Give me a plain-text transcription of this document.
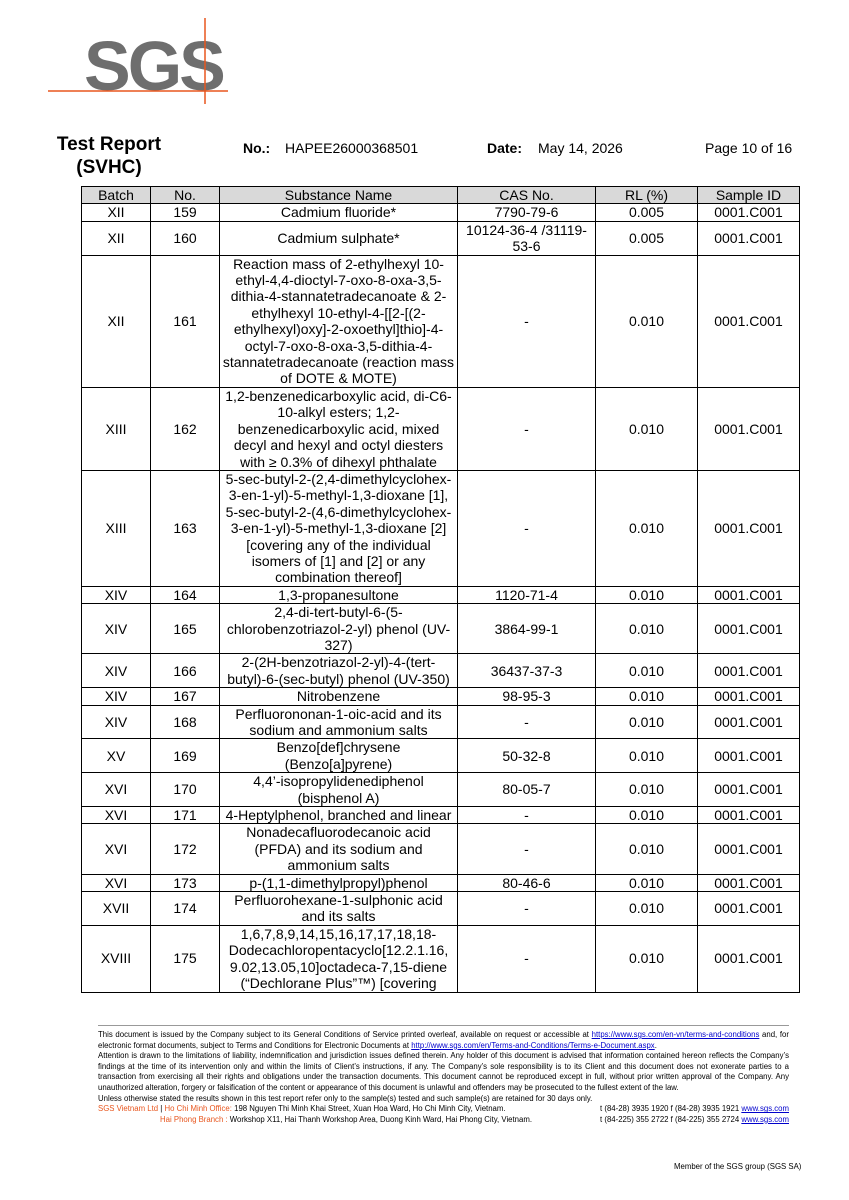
SGS
Test Report
(SVHC)
No.: HAPEE26000368501	Date: May 14, 2026	Page 10 of 16
Batch	No.	Substance Name	CAS No.	RL (%)	Sample ID
XII	159	Cadmium fluoride*	7790-79-6	0.005	0001.C001
XII	160	Cadmium sulphate*	10124-36-4 /31119-53-6	0.005	0001.C001
XII	161	Reaction mass of 2-ethylhexyl 10-ethyl-4,4-dioctyl-7-oxo-8-oxa-3,5-dithia-4-stannatetradecanoate & 2-ethylhexyl 10-ethyl-4-[[2-[(2-ethylhexyl)oxy]-2-oxoethyl]thio]-4-octyl-7-oxo-8-oxa-3,5-dithia-4-stannatetradecanoate (reaction mass of DOTE & MOTE)	-	0.010	0001.C001
XIII	162	1,2-benzenedicarboxylic acid, di-C6-10-alkyl esters; 1,2-benzenedicarboxylic acid, mixed decyl and hexyl and octyl diesters with ≥ 0.3% of dihexyl phthalate	-	0.010	0001.C001
XIII	163	5-sec-butyl-2-(2,4-dimethylcyclohex-3-en-1-yl)-5-methyl-1,3-dioxane [1], 5-sec-butyl-2-(4,6-dimethylcyclohex-3-en-1-yl)-5-methyl-1,3-dioxane [2] [covering any of the individual isomers of [1] and [2] or any combination thereof]	-	0.010	0001.C001
XIV	164	1,3-propanesultone	1120-71-4	0.010	0001.C001
XIV	165	2,4-di-tert-butyl-6-(5-chlorobenzotriazol-2-yl) phenol (UV-327)	3864-99-1	0.010	0001.C001
XIV	166	2-(2H-benzotriazol-2-yl)-4-(tert-butyl)-6-(sec-butyl) phenol (UV-350)	36437-37-3	0.010	0001.C001
XIV	167	Nitrobenzene	98-95-3	0.010	0001.C001
XIV	168	Perfluorononan-1-oic-acid and its sodium and ammonium salts	-	0.010	0001.C001
XV	169	Benzo[def]chrysene (Benzo[a]pyrene)	50-32-8	0.010	0001.C001
XVI	170	4,4’-isopropylidenediphenol (bisphenol A)	80-05-7	0.010	0001.C001
XVI	171	4-Heptylphenol, branched and linear	-	0.010	0001.C001
XVI	172	Nonadecafluorodecanoic acid (PFDA) and its sodium and ammonium salts	-	0.010	0001.C001
XVI	173	p-(1,1-dimethylpropyl)phenol	80-46-6	0.010	0001.C001
XVII	174	Perfluorohexane-1-sulphonic acid and its salts	-	0.010	0001.C001
XVIII	175	1,6,7,8,9,14,15,16,17,17,18,18-Dodecachloropentacyclo[12.2.1.16, 9.02,13.05,10]octadeca-7,15-diene (“Dechlorane Plus”™) [covering	-	0.010	0001.C001

This document is issued by the Company subject to its General Conditions of Service printed overleaf, available on request or accessible at https://www.sgs.com/en-vn/terms-and-conditions and, for electronic format documents, subject to Terms and Conditions for Electronic Documents at http://www.sgs.com/en/Terms-and-Conditions/Terms-e-Document.aspx.

Attention is drawn to the limitations of liability, indemnification and jurisdiction issues defined therein. Any holder of this document is advised that information contained hereon reflects the Company’s findings at the time of its intervention only and within the limits of Client’s instructions, if any. The Company’s sole responsibility is to its Client and this document does not exonerate parties to a transaction from exercising all their rights and obligations under the transaction documents. This document cannot be reproduced except in full, without prior written approval of the Company. Any unauthorized alteration, forgery or falsification of the content or appearance of this document is unlawful and offenders may be prosecuted to the fullest extent of the law.

Unless otherwise stated the results shown in this test report refer only to the sample(s) tested and such sample(s) are retained for 30 days only.

SGS Vietnam Ltd | Ho Chi Minh Office: 198 Nguyen Thi Minh Khai Street, Xuan Hoa Ward, Ho Chi Minh City, Vietnam.	t (84-28) 3935 1920 f (84-28) 3935 1921 www.sgs.com
Hai Phong Branch : Workshop X11, Hai Thanh Workshop Area, Duong Kinh Ward, Hai Phong City, Vietnam.	t (84-225) 355 2722 f (84-225) 355 2724 www.sgs.com
Member of the SGS group (SGS SA)
